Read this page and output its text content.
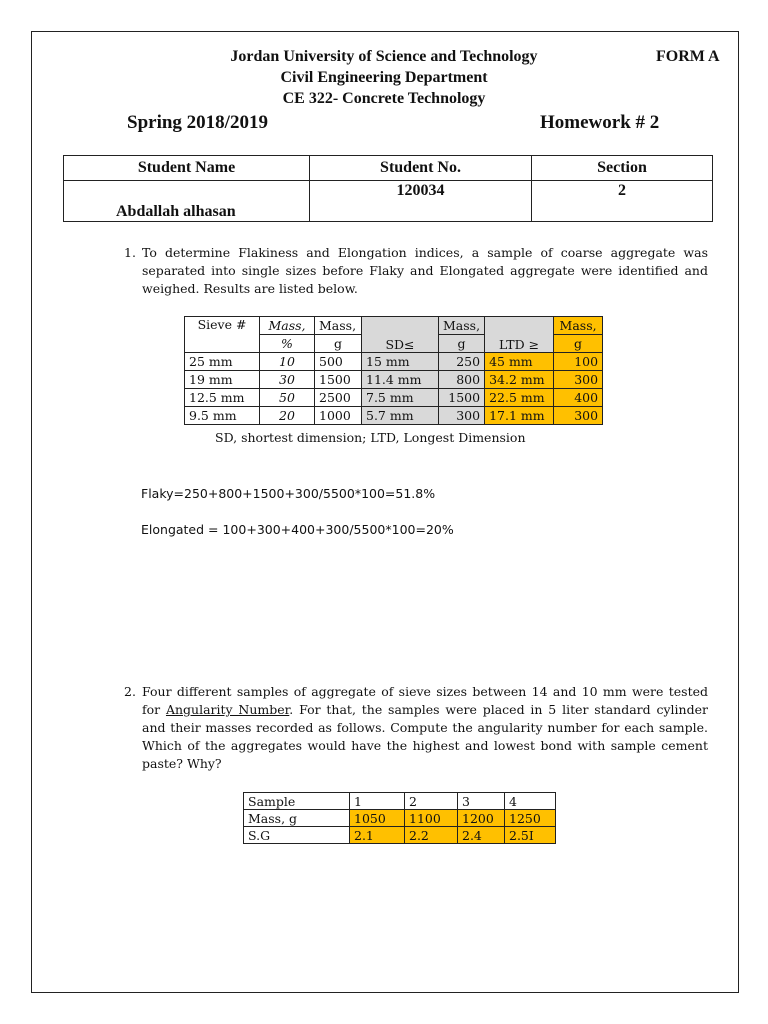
Jordan University of Science and Technology	FORM A
Civil Engineering Department
CE 322- Concrete Technology
Spring 2018/2019	Homework # 2
Student Name	Student No.	Section
Abdallah alhasan	120034	2
1. To determine Flakiness and Elongation indices, a sample of coarse aggregate was separated into single sizes before Flaky and Elongated aggregate were identified and weighed. Results are listed below.
Sieve #	Mass,	Mass,	SD≤	Mass,	LTD ≥	Mass,
	%	g		g		g
25 mm	10	500	15 mm	250	45 mm	100
19 mm	30	1500	11.4 mm	800	34.2 mm	300
12.5 mm	50	2500	7.5 mm	1500	22.5 mm	400
9.5 mm	20	1000	5.7 mm	300	17.1 mm	300
SD, shortest dimension; LTD, Longest Dimension
Flaky=250+800+1500+300/5500*100=51.8%
Elongated = 100+300+400+300/5500*100=20%
2. Four different samples of aggregate of sieve sizes between 14 and 10 mm were tested for Angularity Number. For that, the samples were placed in 5 liter standard cylinder and their masses recorded as follows. Compute the angularity number for each sample. Which of the aggregates would have the highest and lowest bond with sample cement paste? Why?
Sample	1	2	3	4
Mass, g	1050	1100	1200	1250
S.G	2.1	2.2	2.4	2.5I
